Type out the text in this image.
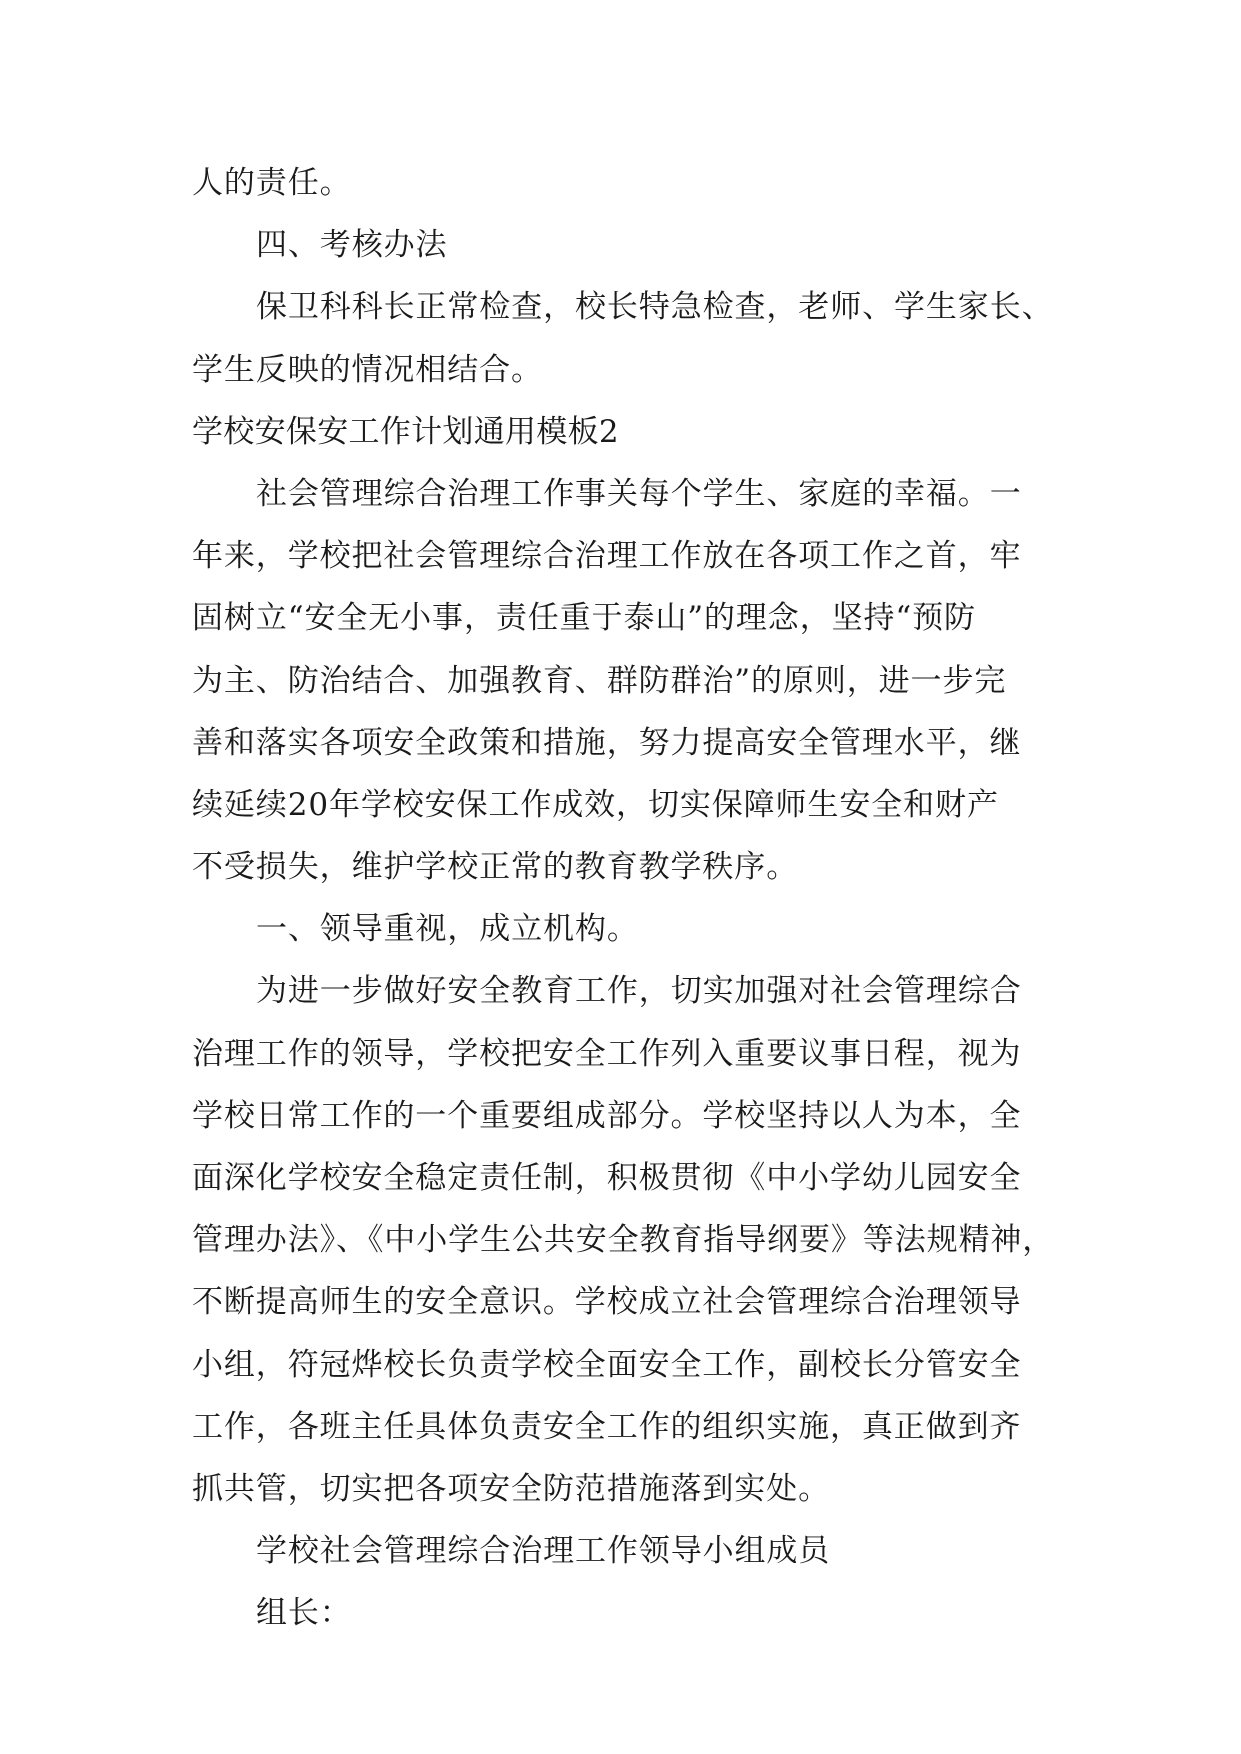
人的责任。
四、考核办法
保卫科科长正常检查，校长特急检查，老师、学生家长、
学生反映的情况相结合。
学校安保安工作计划通用模板2
社会管理综合治理工作事关每个学生、家庭的幸福。一
年来，学校把社会管理综合治理工作放在各项工作之首，牢
固树立“安全无小事，责任重于泰山”的理念，坚持“预防
为主、防治结合、加强教育、群防群治”的原则，进一步完
善和落实各项安全政策和措施，努力提高安全管理水平，继
续延续20年学校安保工作成效，切实保障师生安全和财产
不受损失，维护学校正常的教育教学秩序。
一、领导重视，成立机构。
为进一步做好安全教育工作，切实加强对社会管理综合
治理工作的领导，学校把安全工作列入重要议事日程，视为
学校日常工作的一个重要组成部分。学校坚持以人为本，全
面深化学校安全稳定责任制，积极贯彻《中小学幼儿园安全
管理办法》、《中小学生公共安全教育指导纲要》等法规精神，
不断提高师生的安全意识。学校成立社会管理综合治理领导
小组，符冠烨校长负责学校全面安全工作，副校长分管安全
工作，各班主任具体负责安全工作的组织实施，真正做到齐
抓共管，切实把各项安全防范措施落到实处。
学校社会管理综合治理工作领导小组成员
组长：
